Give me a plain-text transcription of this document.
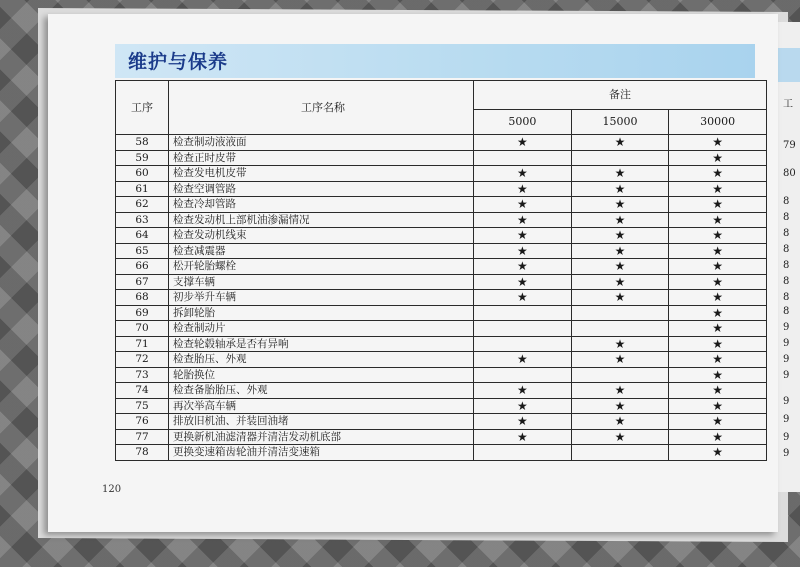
工
79
80
8
8
8
8
8
8
8
8
9
9
9
9
9
9
9
9
维护与保养
工序	工序名称	备注		
		5000	15000	30000
58	检查制动液液面	★	★	★
59	检查正时皮带			★
60	检查发电机皮带	★	★	★
61	检查空调管路	★	★	★
62	检查冷却管路	★	★	★
63	检查发动机上部机油渗漏情况	★	★	★
64	检查发动机线束	★	★	★
65	检查减震器	★	★	★
66	松开轮胎螺栓	★	★	★
67	支撑车辆	★	★	★
68	初步举升车辆	★	★	★
69	拆卸轮胎			★
70	检查制动片			★
71	检查轮毂轴承是否有异响		★	★
72	检查胎压、外观	★	★	★
73	轮胎换位			★
74	检查备胎胎压、外观	★	★	★
75	再次举高车辆	★	★	★
76	排放旧机油、并装回油堵	★	★	★
77	更换新机油滤清器并清洁发动机底部	★	★	★
78	更换变速箱齿轮油并清洁变速箱			★
120
